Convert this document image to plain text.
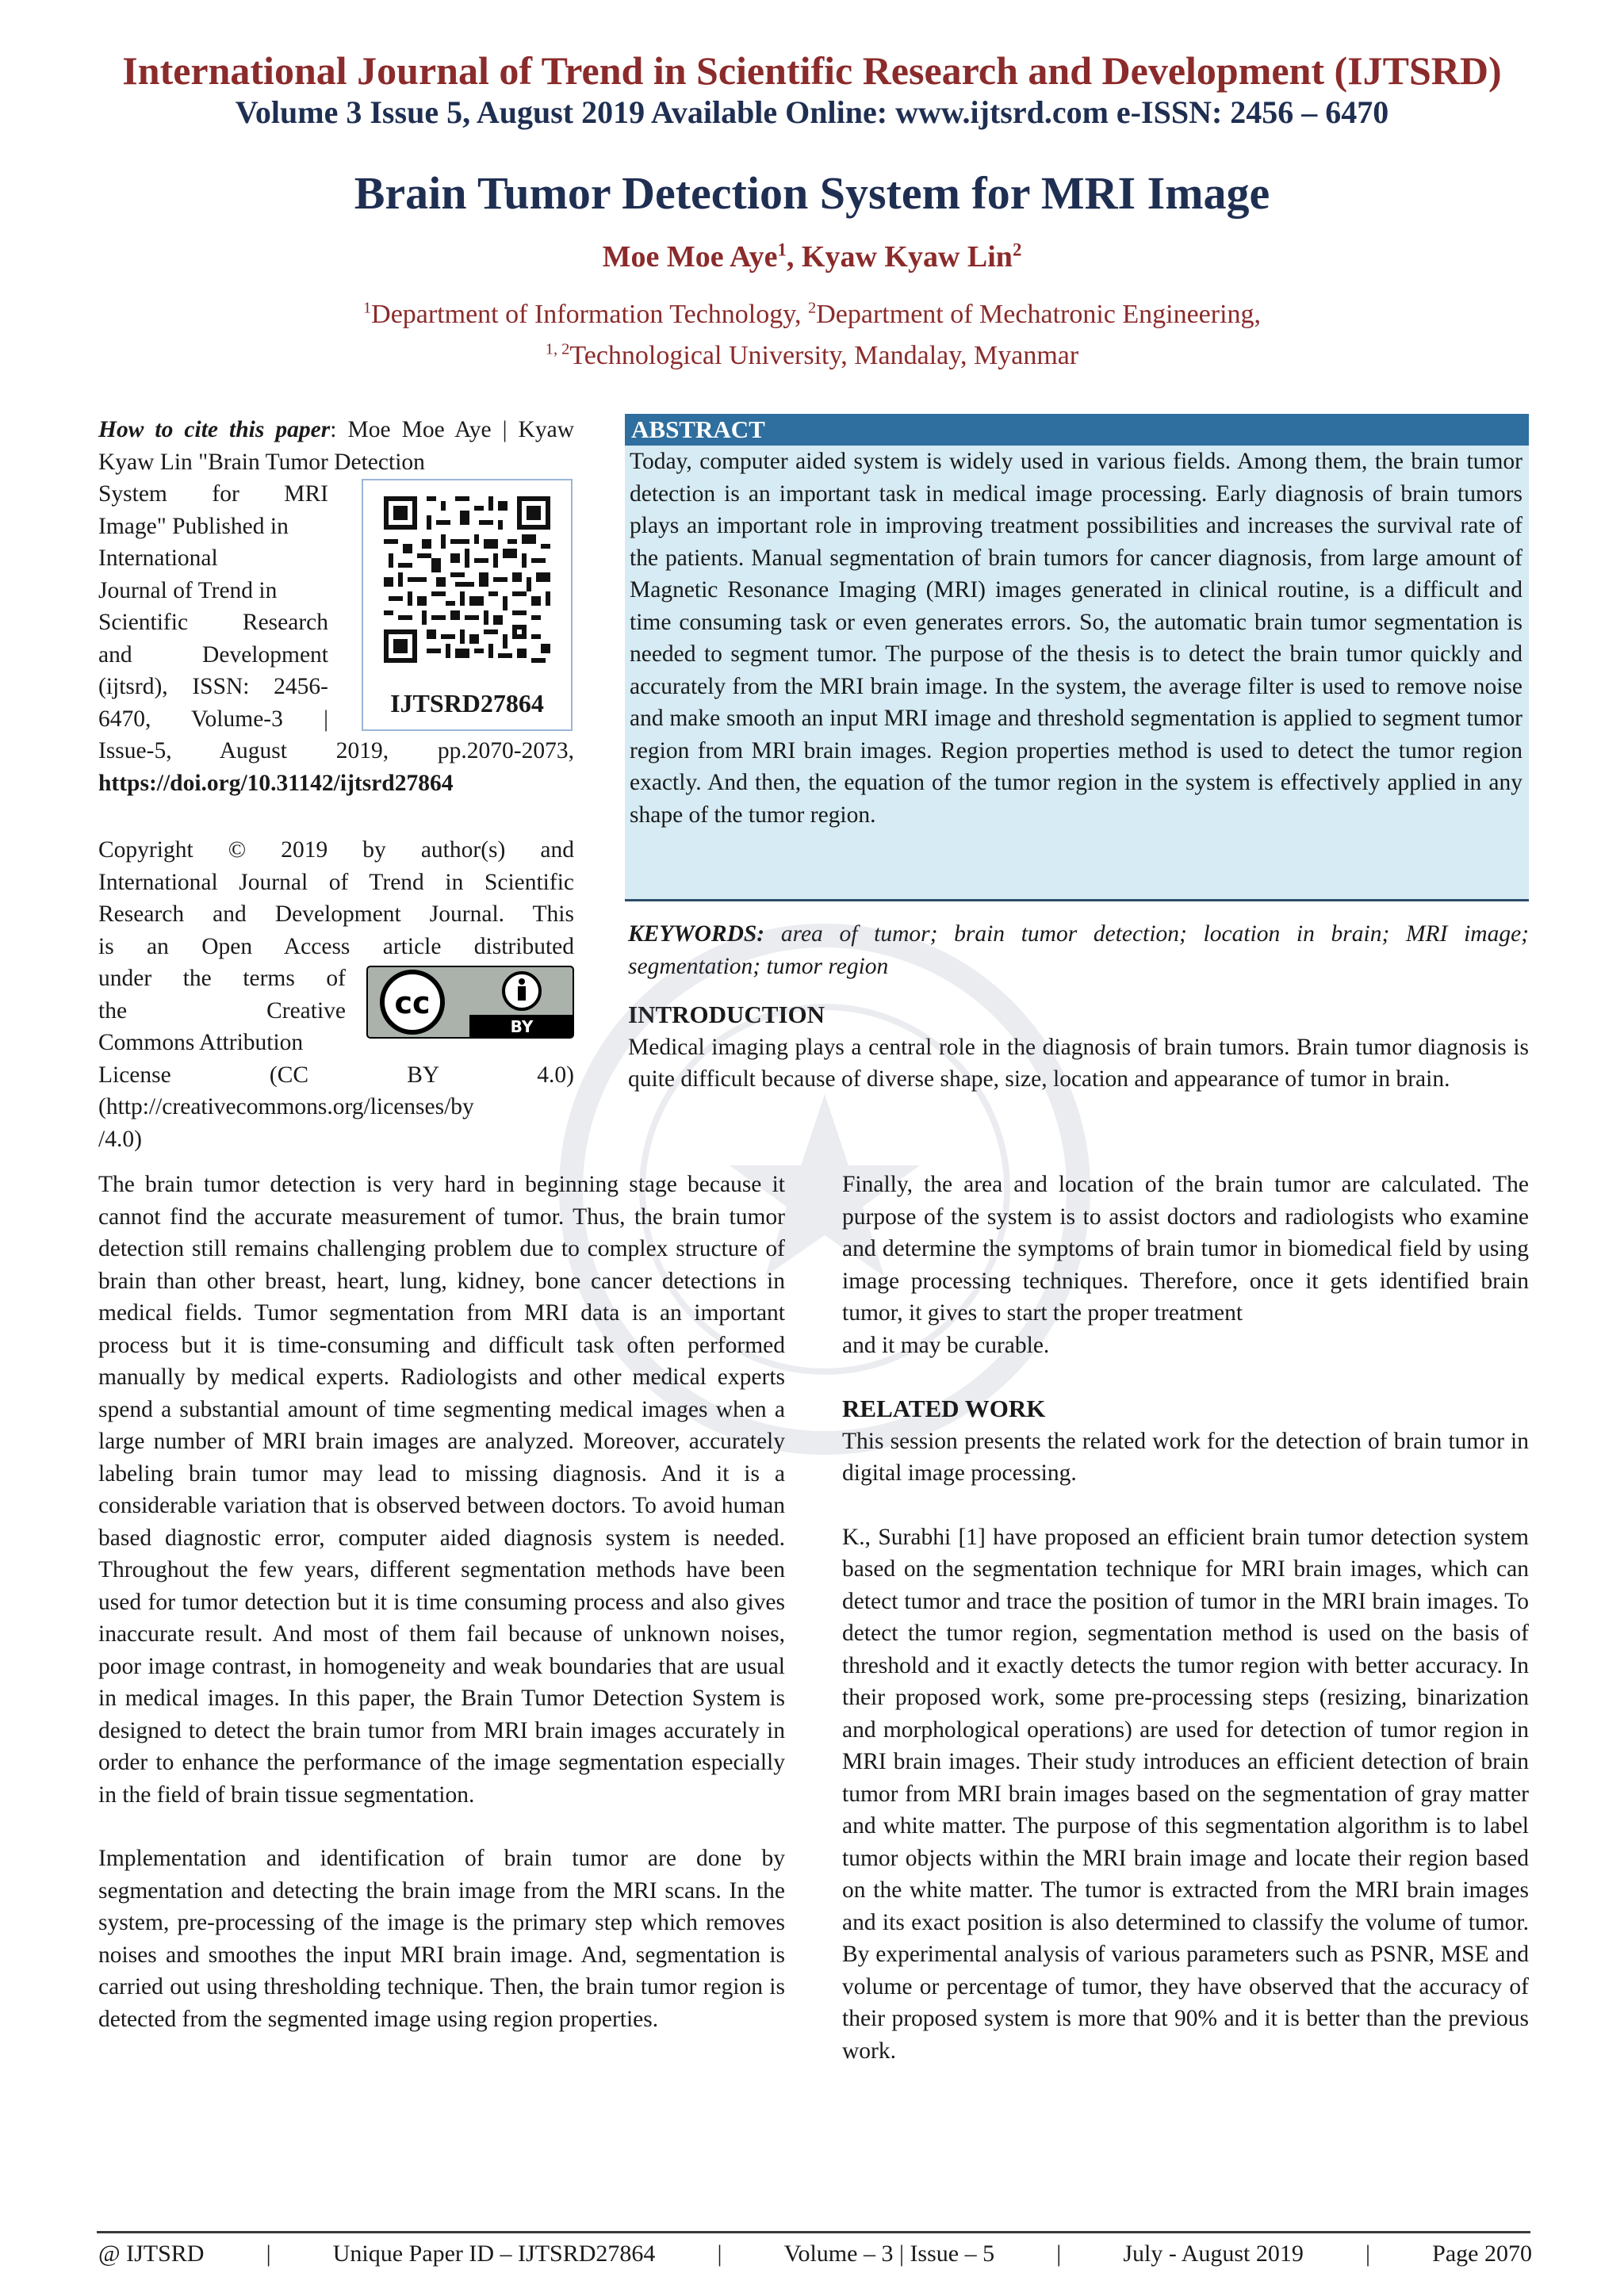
International Journal of Trend in Scientific Research and Development (IJTSRD)
Volume 3 Issue 5, August 2019 Available Online: www.ijtsrd.com e-ISSN: 2456 – 6470
Brain Tumor Detection System for MRI Image
Moe Moe Aye$^1$, Kyaw Kyaw Lin$^2$
$^1$Department of Information Technology, $^2$Department of Mechatronic Engineering,
$^{1, 2}$Technological University, Mandalay, Myanmar

How to cite this paper: Moe Moe Aye | Kyaw Kyaw Lin "Brain Tumor Detection

System for MRI
Image" Published in
International
Journal of Trend in
Scientific Research
and Development
(ijtsrd), ISSN: 2456-
6470, Volume-3 |
Issue-5, August 2019, pp.2070-2073,
https://doi.org/10.31142/ijtsrd27864
IJTSRD27864
Copyright © 2019 by author(s) and
International Journal of Trend in Scientific
Research and Development Journal. This
is an Open Access article distributed
under the terms of
the Creative
Commons Attribution
License (CC BY 4.0)
(http://creativecommons.org/licenses/by
/4.0)
cc
BY
ABSTRACT

Today, computer aided system is widely used in various fields. Among them, the brain tumor detection is an important task in medical image processing. Early diagnosis of brain tumors plays an important role in improving treatment possibilities and increases the survival rate of the patients. Manual segmentation of brain tumors for cancer diagnosis, from large amount of Magnetic Resonance Imaging (MRI) images generated in clinical routine, is a difficult and time consuming task or even generates errors. So, the automatic brain tumor segmentation is needed to segment tumor. The purpose of the thesis is to detect the brain tumor quickly and accurately from the MRI brain image. In the system, the average filter is used to remove noise and make smooth an input MRI image and threshold segmentation is applied to segment tumor region from MRI brain images. Region properties method is used to detect the tumor region exactly. And then, the equation of the tumor region in the system is effectively applied in any shape of the tumor region.

KEYWORDS: area of tumor; brain tumor detection; location in brain; MRI image; segmentation; tumor region
INTRODUCTION

Medical imaging plays a central role in the diagnosis of brain tumors. Brain tumor diagnosis is quite difficult because of diverse shape, size, location and appearance of tumor in brain.

The brain tumor detection is very hard in beginning stage because it cannot find the accurate measurement of tumor. Thus, the brain tumor detection still remains challenging problem due to complex structure of brain than other breast, heart, lung, kidney, bone cancer detections in medical fields. Tumor segmentation from MRI data is an important process but it is time-consuming and difficult task often performed manually by medical experts. Radiologists and other medical experts spend a substantial amount of time segmenting medical images when a large number of MRI brain images are analyzed. Moreover, accurately labeling brain tumor may lead to missing diagnosis. And it is a considerable variation that is observed between doctors. To avoid human based diagnostic error, computer aided diagnosis system is needed. Throughout the few years, different segmentation methods have been used for tumor detection but it is time consuming process and also gives inaccurate result. And most of them fail because of unknown noises, poor image contrast, in homogeneity and weak boundaries that are usual in medical images. In this paper, the Brain Tumor Detection System is designed to detect the brain tumor from MRI brain images accurately in order to enhance the performance of the image segmentation especially in the field of brain tissue segmentation.

Implementation and identification of brain tumor are done by segmentation and detecting the brain image from the MRI scans. In the system, pre-processing of the image is the primary step which removes noises and smoothes the input MRI brain image. And, segmentation is carried out using thresholding technique. Then, the brain tumor region is detected from the segmented image using region properties.

Finally, the area and location of the brain tumor are calculated. The purpose of the system is to assist doctors and radiologists who examine and determine the symptoms of brain tumor in biomedical field by using image processing techniques. Therefore, once it gets identified brain tumor, it gives to start the proper treatment

and it may be curable.

RELATED WORK

This session presents the related work for the detection of brain tumor in digital image processing.

K., Surabhi [1] have proposed an efficient brain tumor detection system based on the segmentation technique for MRI brain images, which can detect tumor and trace the position of tumor in the MRI brain images. To detect the tumor region, segmentation method is used on the basis of threshold and it exactly detects the tumor region with better accuracy. In their proposed work, some pre-processing steps (resizing, binarization and morphological operations) are used for detection of tumor region in MRI brain images. Their study introduces an efficient detection of brain tumor from MRI brain images based on the segmentation of gray matter and white matter. The purpose of this segmentation algorithm is to label tumor objects within the MRI brain image and locate their region based on the white matter. The tumor is extracted from the MRI brain images and its exact position is also determined to classify the volume of tumor. By experimental analysis of various parameters such as PSNR, MSE and volume or percentage of tumor, they have observed that the accuracy of their proposed system is more that 90% and it is better than the previous work.

@ IJTSRD	|	Unique Paper ID – IJTSRD27864	|	Volume – 3 | Issue – 5	|	July - August 2019	|	Page 2070
